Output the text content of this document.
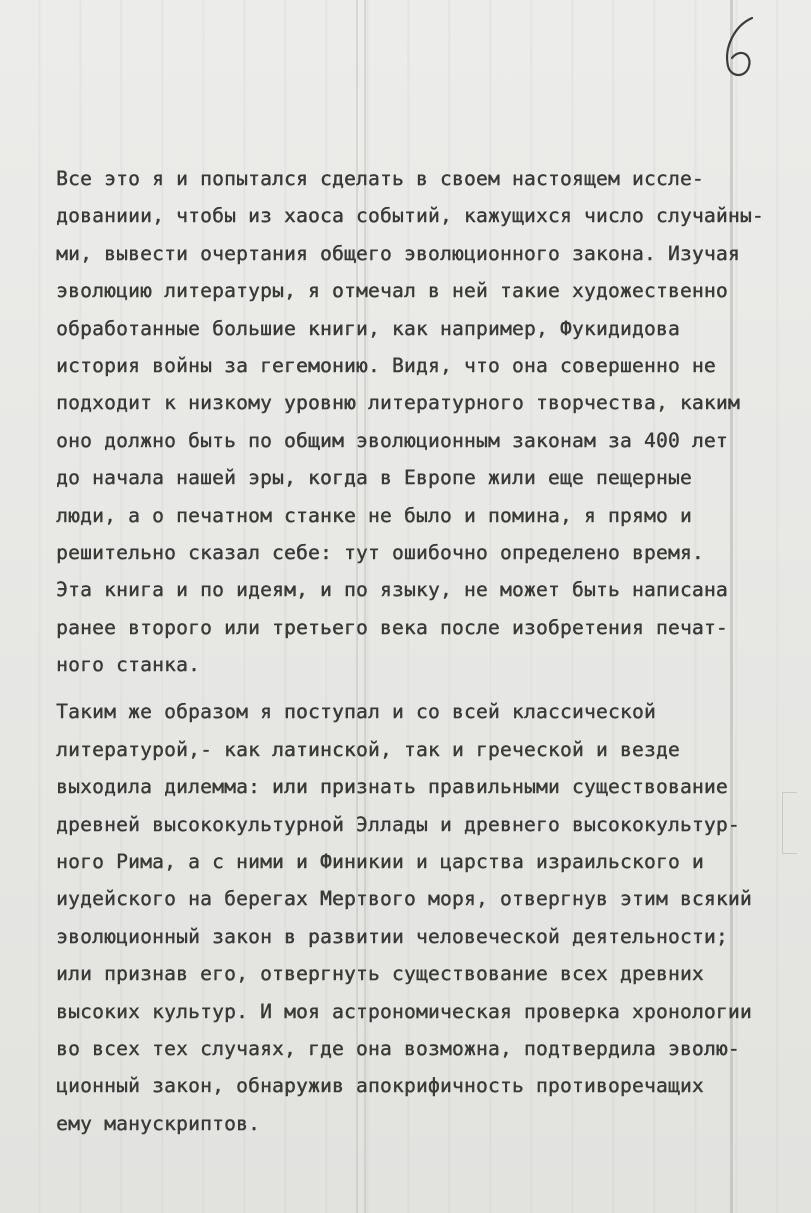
Все это я и попытался сделать в своем настоящем иссле-
дованиии, чтобы из хаоса событий, кажущихся число случайны-
ми, вывести очертания общего эволюционного закона. Изучая
эволюцию литературы, я отмечал в ней такие художественно
обработанные большие книги, как например, Фукидидова
история войны за гегемонию. Видя, что она совершенно не
подходит к низкому уровню литературного творчества, каким
оно должно быть по общим эволюционным законам за 400 лет
до начала нашей эры, когда в Европе жили еще пещерные
люди, а о печатном станке не было и помина, я прямо и
решительно сказал себе: тут ошибочно определено время.
Эта книга и по идеям, и по языку, не может быть написана
ранее второго или третьего века после изобретения печат-
ного станка.
Таким же образом я поступал и со всей классической
литературой,- как латинской, так и греческой и везде
выходила дилемма: или признать правильными существование
древней высококультурной Эллады и древнего высококультур-
ного Рима, а с ними и Финикии и царства израильского и
иудейского на берегах Мертвого моря, отвергнув этим всякий
эволюционный закон в развитии человеческой деятельности;
или признав его, отвергнуть существование всех древних
высоких культур. И моя астрономическая проверка хронологии
во всех тех случаях, где она возможна, подтвердила эволю-
ционный закон, обнаружив апокрифичность противоречащих
ему манускриптов.
